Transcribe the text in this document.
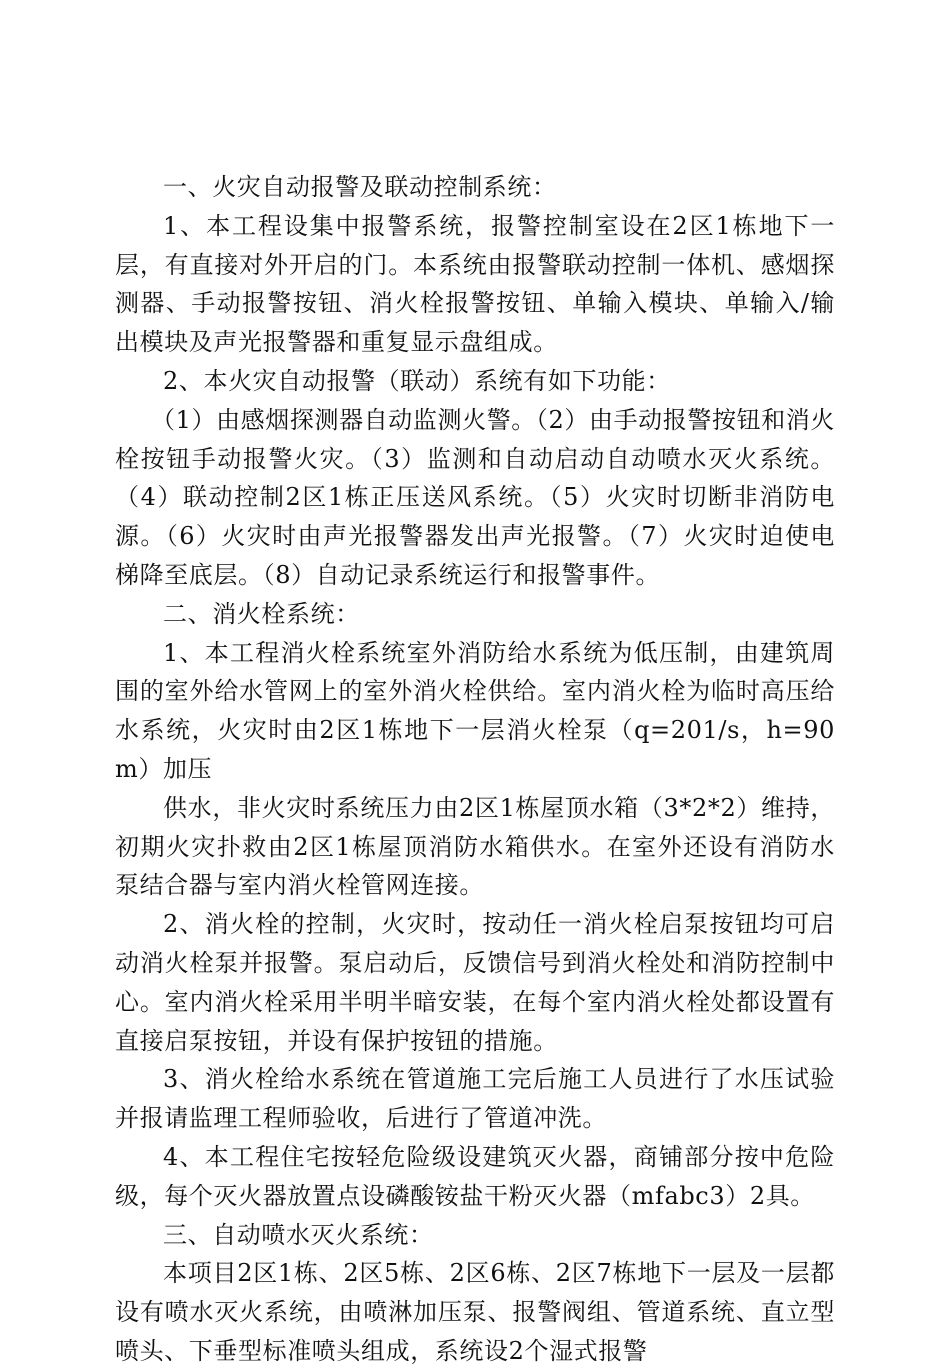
一、火灾自动报警及联动控制系统：

1、本工程设集中报警系统，报警控制室设在2区1栋地下一层，有直接对外开启的门。本系统由报警联动控制一体机、感烟探测器、手动报警按钮、消火栓报警按钮、单输入模块、单输入/输出模块及声光报警器和重复显示盘组成。

2、本火灾自动报警（联动）系统有如下功能：

（1）由感烟探测器自动监测火警。（2）由手动报警按钮和消火栓按钮手动报警火灾。（3）监测和自动启动自动喷水灭火系统。（4）联动控制2区1栋正压送风系统。（5）火灾时切断非消防电源。（6）火灾时由声光报警器发出声光报警。（7）火灾时迫使电梯降至底层。（8）自动记录系统运行和报警事件。

二、消火栓系统：

1、本工程消火栓系统室外消防给水系统为低压制，由建筑周围的室外给水管网上的室外消火栓供给。室内消火栓为临时高压给水系统，火灾时由2区1栋地下一层消火栓泵（q=201/s，h=90m）加压

供水，非火灾时系统压力由2区1栋屋顶水箱（3*2*2）维持，初期火灾扑救由2区1栋屋顶消防水箱供水。在室外还设有消防水泵结合器与室内消火栓管网连接。

2、消火栓的控制，火灾时，按动任一消火栓启泵按钮均可启动消火栓泵并报警。泵启动后，反馈信号到消火栓处和消防控制中心。室内消火栓采用半明半暗安装，在每个室内消火栓处都设置有直接启泵按钮，并设有保护按钮的措施。

3、消火栓给水系统在管道施工完后施工人员进行了水压试验并报请监理工程师验收，后进行了管道冲洗。

4、本工程住宅按轻危险级设建筑灭火器，商铺部分按中危险级，每个灭火器放置点设磷酸铵盐干粉灭火器（mfabc3）2具。

三、自动喷水灭火系统：

本项目2区1栋、2区5栋、2区6栋、2区7栋地下一层及一层都设有喷水灭火系统，由喷淋加压泵、报警阀组、管道系统、直立型喷头、下垂型标准喷头组成，系统设2个湿式报警
